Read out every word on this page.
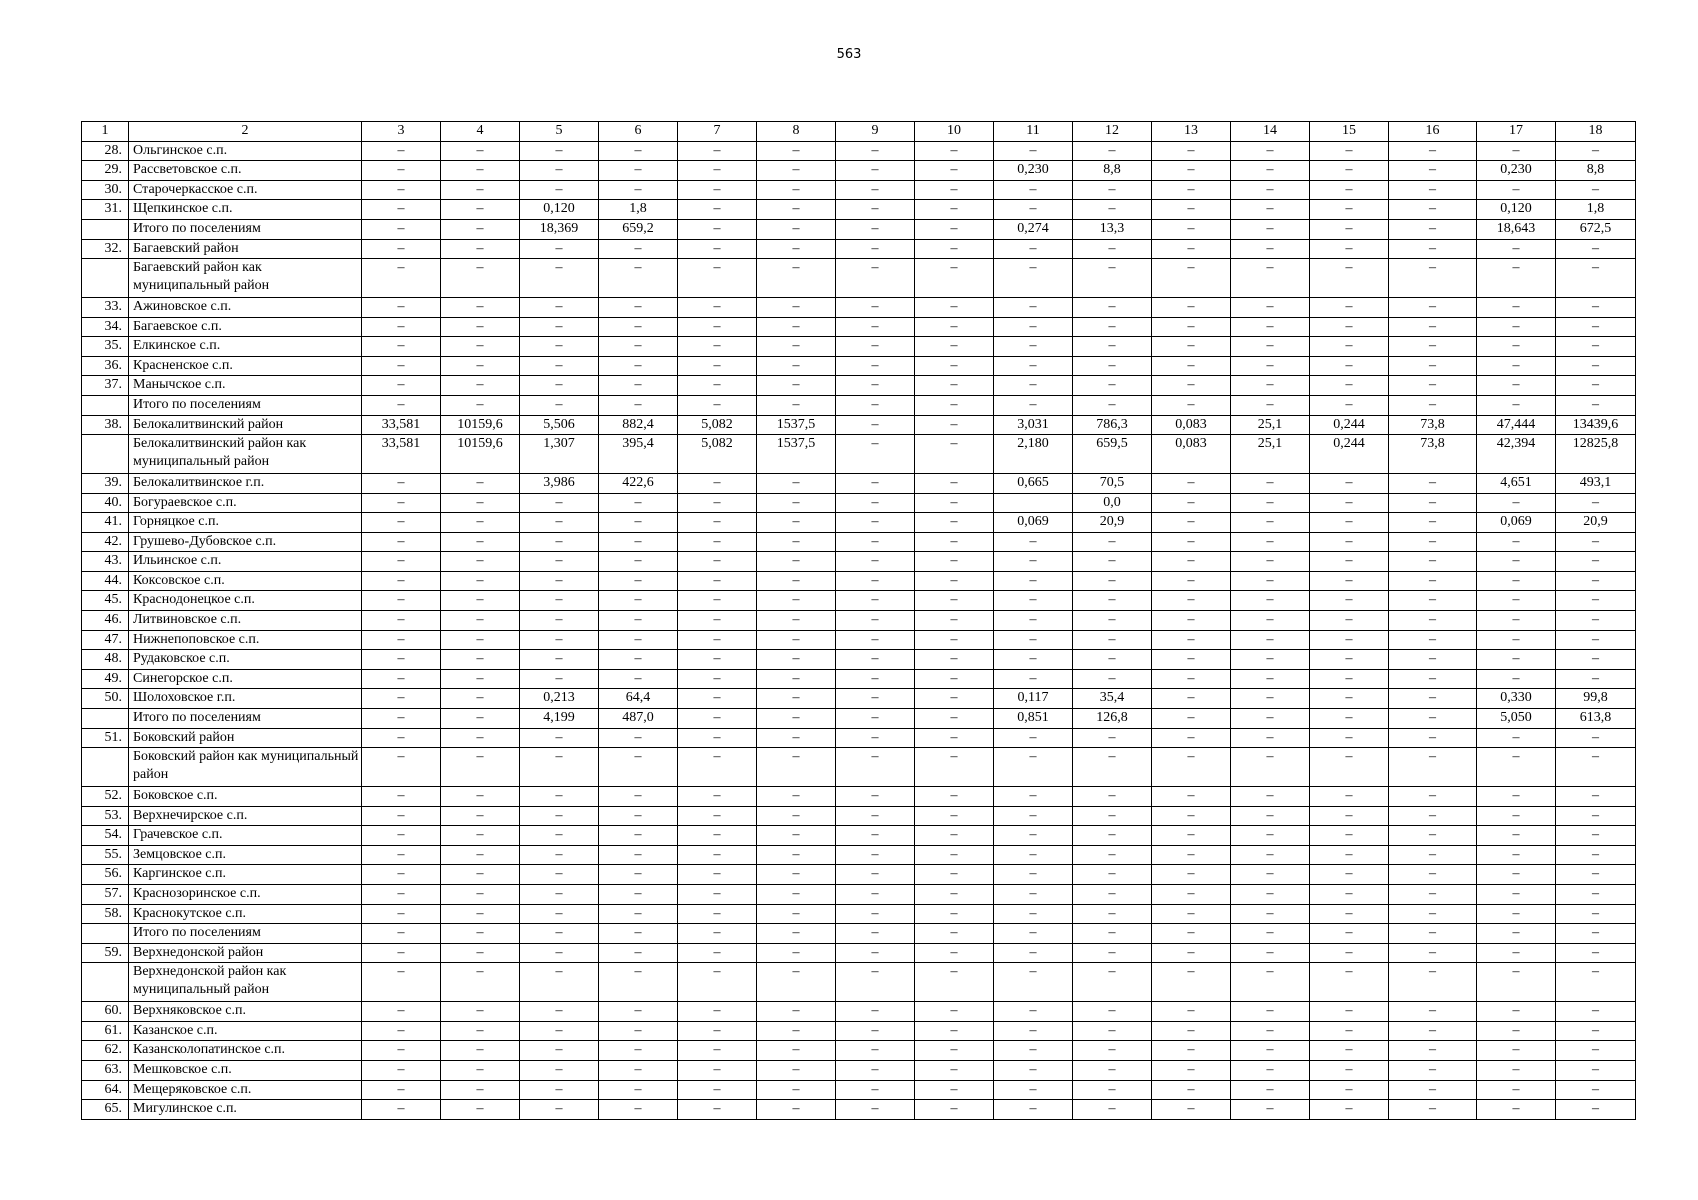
563
1	2	3	4	5	6	7	8	9	10	11	12	13	14	15	16	17	18
28.	Ольгинское с.п.	–	–	–	–	–	–	–	–	–	–	–	–	–	–	–	–
29.	Рассветовское с.п.	–	–	–	–	–	–	–	–	0,230	8,8	–	–	–	–	0,230	8,8
30.	Старочеркасское с.п.	–	–	–	–	–	–	–	–	–	–	–	–	–	–	–	–
31.	Щепкинское с.п.	–	–	0,120	1,8	–	–	–	–	–	–	–	–	–	–	0,120	1,8
	Итого по поселениям	–	–	18,369	659,2	–	–	–	–	0,274	13,3	–	–	–	–	18,643	672,5
32.	Багаевский район	–	–	–	–	–	–	–	–	–	–	–	–	–	–	–	–
	Багаевский район как муниципальный район	–	–	–	–	–	–	–	–	–	–	–	–	–	–	–	–
33.	Ажиновское с.п.	–	–	–	–	–	–	–	–	–	–	–	–	–	–	–	–
34.	Багаевское с.п.	–	–	–	–	–	–	–	–	–	–	–	–	–	–	–	–
35.	Елкинское с.п.	–	–	–	–	–	–	–	–	–	–	–	–	–	–	–	–
36.	Красненское с.п.	–	–	–	–	–	–	–	–	–	–	–	–	–	–	–	–
37.	Манычское с.п.	–	–	–	–	–	–	–	–	–	–	–	–	–	–	–	–
	Итого по поселениям	–	–	–	–	–	–	–	–	–	–	–	–	–	–	–	–
38.	Белокалитвинский район	33,581	10159,6	5,506	882,4	5,082	1537,5	–	–	3,031	786,3	0,083	25,1	0,244	73,8	47,444	13439,6
	Белокалитвинский район как муниципальный район	33,581	10159,6	1,307	395,4	5,082	1537,5	–	–	2,180	659,5	0,083	25,1	0,244	73,8	42,394	12825,8
39.	Белокалитвинское г.п.	–	–	3,986	422,6	–	–	–	–	0,665	70,5	–	–	–	–	4,651	493,1
40.	Богураевское с.п.	–	–	–	–	–	–	–	–		0,0	–	–	–	–	–	–
41.	Горняцкое с.п.	–	–	–	–	–	–	–	–	0,069	20,9	–	–	–	–	0,069	20,9
42.	Грушево-Дубовское с.п.	–	–	–	–	–	–	–	–	–	–	–	–	–	–	–	–
43.	Ильинское с.п.	–	–	–	–	–	–	–	–	–	–	–	–	–	–	–	–
44.	Коксовское с.п.	–	–	–	–	–	–	–	–	–	–	–	–	–	–	–	–
45.	Краснодонецкое с.п.	–	–	–	–	–	–	–	–	–	–	–	–	–	–	–	–
46.	Литвиновское с.п.	–	–	–	–	–	–	–	–	–	–	–	–	–	–	–	–
47.	Нижнепоповское с.п.	–	–	–	–	–	–	–	–	–	–	–	–	–	–	–	–
48.	Рудаковское с.п.	–	–	–	–	–	–	–	–	–	–	–	–	–	–	–	–
49.	Синегорское с.п.	–	–	–	–	–	–	–	–	–	–	–	–	–	–	–	–
50.	Шолоховское г.п.	–	–	0,213	64,4	–	–	–	–	0,117	35,4	–	–	–	–	0,330	99,8
	Итого по поселениям	–	–	4,199	487,0	–	–	–	–	0,851	126,8	–	–	–	–	5,050	613,8
51.	Боковский район	–	–	–	–	–	–	–	–	–	–	–	–	–	–	–	–
	Боковский район как муниципальный район	–	–	–	–	–	–	–	–	–	–	–	–	–	–	–	–
52.	Боковское с.п.	–	–	–	–	–	–	–	–	–	–	–	–	–	–	–	–
53.	Верхнечирское с.п.	–	–	–	–	–	–	–	–	–	–	–	–	–	–	–	–
54.	Грачевское с.п.	–	–	–	–	–	–	–	–	–	–	–	–	–	–	–	–
55.	Земцовское с.п.	–	–	–	–	–	–	–	–	–	–	–	–	–	–	–	–
56.	Каргинское с.п.	–	–	–	–	–	–	–	–	–	–	–	–	–	–	–	–
57.	Краснозоринское с.п.	–	–	–	–	–	–	–	–	–	–	–	–	–	–	–	–
58.	Краснокутское с.п.	–	–	–	–	–	–	–	–	–	–	–	–	–	–	–	–
	Итого по поселениям	–	–	–	–	–	–	–	–	–	–	–	–	–	–	–	–
59.	Верхнедонской район	–	–	–	–	–	–	–	–	–	–	–	–	–	–	–	–
	Верхнедонской район как муниципальный район	–	–	–	–	–	–	–	–	–	–	–	–	–	–	–	–
60.	Верхняковское с.п.	–	–	–	–	–	–	–	–	–	–	–	–	–	–	–	–
61.	Казанское с.п.	–	–	–	–	–	–	–	–	–	–	–	–	–	–	–	–
62.	Казансколопатинское с.п.	–	–	–	–	–	–	–	–	–	–	–	–	–	–	–	–
63.	Мешковское с.п.	–	–	–	–	–	–	–	–	–	–	–	–	–	–	–	–
64.	Мещеряковское с.п.	–	–	–	–	–	–	–	–	–	–	–	–	–	–	–	–
65.	Мигулинское с.п.	–	–	–	–	–	–	–	–	–	–	–	–	–	–	–	–
